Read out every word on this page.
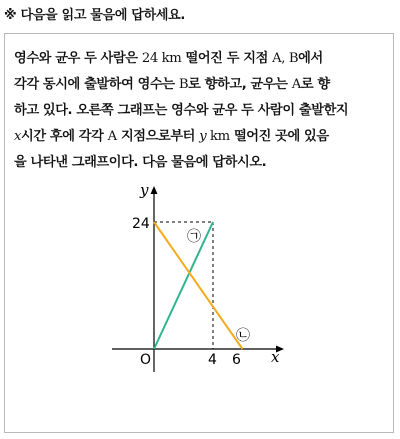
※ 다음을 읽고 물음에 답하세요.
영수와 균우 두 사람은 24 km 떨어진 두 지점 A, B에서
각각 동시에 출발하여 영수는 B로 향하고, 균우는 A로 향
하고 있다. 오른쪽 그래프는 영수와 균우 두 사람이 출발한지
x시간 후에 각각 A 지점으로부터 y km 떨어진 곳에 있음
을 나타낸 그래프이다. 다음 물음에 답하시오.
y
x
24
O	4 6
㉠
㉡
